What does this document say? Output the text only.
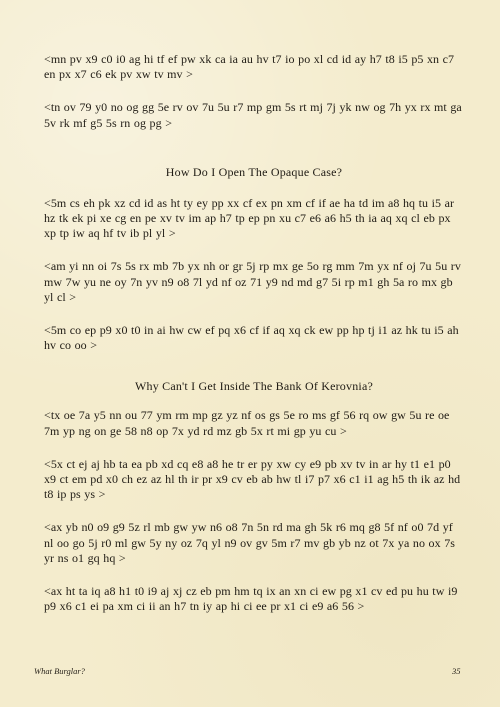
<mn pv x9 c0 i0 ag hi tf ef pw xk ca ia au hv t7 io po xl cd id ay h7 t8 i5 p5 xn c7 en px x7 c6 ek pv xw tv mv >

<tn ov 79 y0 no og gg 5e rv ov 7u 5u r7 mp gm 5s rt mj 7j yk nw og 7h yx rx mt ga 5v rk mf g5 5s rn og pg >

How Do I Open The Opaque Case?

<5m cs eh pk xz cd id as ht ty ey pp xx cf ex pn xm cf if ae ha td im a8 hq tu i5 ar hz tk ek pi xe cg en pe xv tv im ap h7 tp ep pn xu c7 e6 a6 h5 th ia aq xq cl eb px xp tp iw aq hf tv ib pl yl >

<am yi nn oi 7s 5s rx mb 7b yx nh or gr 5j rp mx ge 5o rg mm 7m yx nf oj 7u 5u rv mw 7w yu ne oy 7n yv n9 o8 7l yd nf oz 71 y9 nd md g7 5i rp m1 gh 5a ro mx gb yl cl >

<5m co ep p9 x0 t0 in ai hw cw ef pq x6 cf if aq xq ck ew pp hp tj i1 az hk tu i5 ah hv co oo >

Why Can't I Get Inside The Bank Of Kerovnia?

<tx oe 7a y5 nn ou 77 ym rm mp gz yz nf os gs 5e ro ms gf 56 rq ow gw 5u re oe 7m yp ng on ge 58 n8 op 7x yd rd mz gb 5x rt mi gp yu cu >

<5x ct ej aj hb ta ea pb xd cq e8 a8 he tr er py xw cy e9 pb xv tv in ar hy t1 e1 p0 x9 ct em pd x0 ch ez az hl th ir pr x9 cv eb ab hw tl i7 p7 x6 c1 i1 ag h5 th ik az hd t8 ip ps ys >

<ax yb n0 o9 g9 5z rl mb gw yw n6 o8 7n 5n rd ma gh 5k r6 mq g8 5f nf o0 7d yf nl oo go 5j r0 ml gw 5y ny oz 7q yl n9 ov gv 5m r7 mv gb yb nz ot 7x ya no ox 7s yr ns o1 gq hq >

<ax ht ta iq a8 h1 t0 i9 aj xj cz eb pm hm tq ix an xn ci ew pg x1 cv ed pu hu tw i9 p9 x6 c1 ei pa xm ci ii an h7 tn iy ap hi ci ee pr x1 ci e9 a6 56 >

What Burglar?	35
